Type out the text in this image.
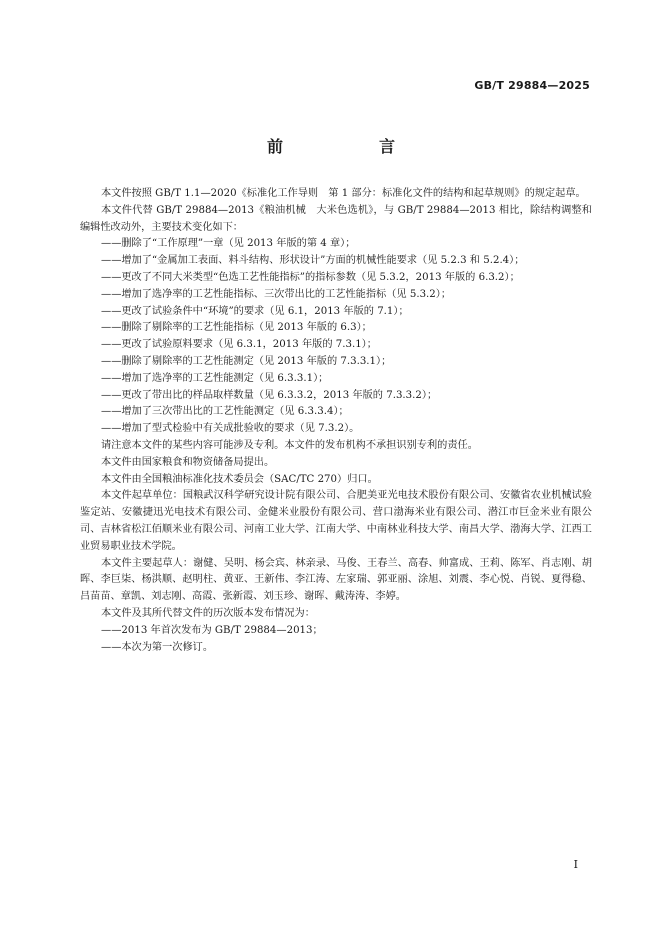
GB/T 29884—2025
前　言

本文件按照 GB/T 1.1—2020《标准化工作导则　第 1 部分：标准化文件的结构和起草规则》的规定起草。

本文件代替 GB/T 29884—2013《粮油机械　大米色选机》，与 GB/T 29884—2013 相比，除结构调整和编辑性改动外，主要技术变化如下：

——删除了“工作原理”一章（见 2013 年版的第 4 章）；

——增加了“金属加工表面、料斗结构、形状设计”方面的机械性能要求（见 5.2.3 和 5.2.4）；

——更改了不同大米类型“色选工艺性能指标”的指标参数（见 5.3.2，2013 年版的 6.3.2）；

——增加了选净率的工艺性能指标、三次带出比的工艺性能指标（见 5.3.2）；

——更改了试验条件中“环境”的要求（见 6.1，2013 年版的 7.1）；

——删除了剔除率的工艺性能指标（见 2013 年版的 6.3）；

——更改了试验原料要求（见 6.3.1，2013 年版的 7.3.1）；

——删除了剔除率的工艺性能测定（见 2013 年版的 7.3.3.1）；

——增加了选净率的工艺性能测定（见 6.3.3.1）；

——更改了带出比的样品取样数量（见 6.3.3.2，2013 年版的 7.3.3.2）；

——增加了三次带出比的工艺性能测定（见 6.3.3.4）；

——增加了型式检验中有关成批验收的要求（见 7.3.2）。

请注意本文件的某些内容可能涉及专利。本文件的发布机构不承担识别专利的责任。

本文件由国家粮食和物资储备局提出。

本文件由全国粮油标准化技术委员会（SAC/TC 270）归口。

本文件起草单位：国粮武汉科学研究设计院有限公司、合肥美亚光电技术股份有限公司、安徽省农业机械试验鉴定站、安徽捷迅光电技术有限公司、金健米业股份有限公司、营口渤海米业有限公司、潜江市巨金米业有限公司、吉林省松江佰顺米业有限公司、河南工业大学、江南大学、中南林业科技大学、南昌大学、渤海大学、江西工业贸易职业技术学院。

本文件主要起草人：谢健、吴明、杨会宾、林亲录、马俊、王春兰、高春、帅富成、王莉、陈军、肖志刚、胡晖、李巨柒、杨洪顺、赵明柱、黄亚、王新伟、李江涛、左家瑞、郭亚丽、涂旭、刘震、李心悦、肖锐、夏得稳、吕苗苗、章凯、刘志刚、高霞、张新霞、刘玉珍、谢晖、戴涛涛、李婷。

本文件及其所代替文件的历次版本发布情况为：

——2013 年首次发布为 GB/T 29884—2013；

——本次为第一次修订。

I
